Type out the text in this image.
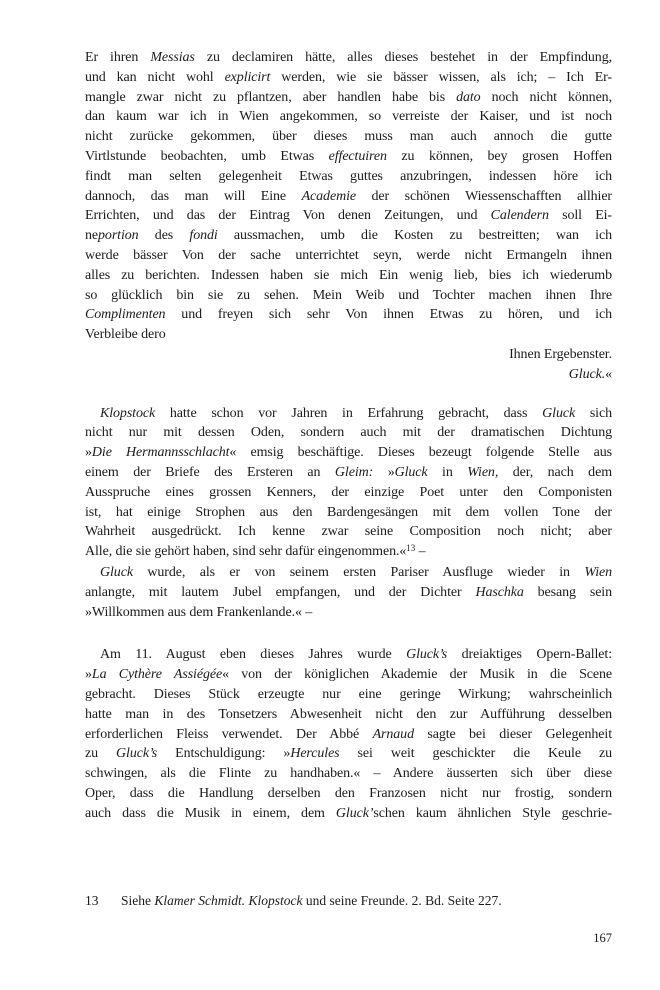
Er ihren Messias zu declamiren hätte, alles dieses bestehet in der Empfindung,
und kan nicht wohl explicirt werden, wie sie bässer wissen, als ich; – Ich Er-
mangle zwar nicht zu pflantzen, aber handlen habe bis dato noch nicht können,
dan kaum war ich in Wien angekommen, so verreiste der Kaiser, und ist noch
nicht zurücke gekommen, über dieses muss man auch annoch die gutte
Virtlstunde beobachten, umb Etwas effectuiren zu können, bey grosen Hoffen
findt man selten gelegenheit Etwas guttes anzubringen, indessen höre ich
dannoch, das man will Eine Academie der schönen Wiessenschafften allhier
Errichten, und das der Eintrag Von denen Zeitungen, und Calendern soll Ei-
neportion des fondi aussmachen, umb die Kosten zu bestreitten; wan ich
werde bässer Von der sache unterrichtet seyn, werde nicht Ermangeln ihnen
alles zu berichten. Indessen haben sie mich Ein wenig lieb, bies ich wiederumb
so glücklich bin sie zu sehen. Mein Weib und Tochter machen ihnen Ihre
Complimenten und freyen sich sehr Von ihnen Etwas zu hören, und ich
Verbleibe dero
Ihnen Ergebenster.
Gluck.«
Klopstock hatte schon vor Jahren in Erfahrung gebracht, dass Gluck sich
nicht nur mit dessen Oden, sondern auch mit der dramatischen Dichtung
»Die Hermannsschlacht« emsig beschäftige. Dieses bezeugt folgende Stelle aus
einem der Briefe des Ersteren an Gleim: »Gluck in Wien, der, nach dem
Ausspruche eines grossen Kenners, der einzige Poet unter den Componisten
ist, hat einige Strophen aus den Bardengesängen mit dem vollen Tone der
Wahrheit ausgedrückt. Ich kenne zwar seine Composition noch nicht; aber
Alle, die sie gehört haben, sind sehr dafür eingenommen.«$^{13}$ –
Gluck wurde, als er von seinem ersten Pariser Ausfluge wieder in Wien
anlangte, mit lautem Jubel empfangen, und der Dichter Haschka besang sein
»Willkommen aus dem Frankenlande.« –
Am 11. August eben dieses Jahres wurde Gluck’s dreiaktiges Opern-Ballet:
»La Cythère Assiégée« von der königlichen Akademie der Musik in die Scene
gebracht. Dieses Stück erzeugte nur eine geringe Wirkung; wahrscheinlich
hatte man in des Tonsetzers Abwesenheit nicht den zur Aufführung desselben
erforderlichen Fleiss verwendet. Der Abbé Arnaud sagte bei dieser Gelegenheit
zu Gluck’s Entschuldigung: »Hercules sei weit geschickter die Keule zu
schwingen, als die Flinte zu handhaben.« – Andere äusserten sich über diese
Oper, dass die Handlung derselben den Franzosen nicht nur frostig, sondern
auch dass die Musik in einem, dem Gluck’schen kaum ähnlichen Style geschrie-
13 Siehe Klamer Schmidt. Klopstock und seine Freunde. 2. Bd. Seite 227.
167
